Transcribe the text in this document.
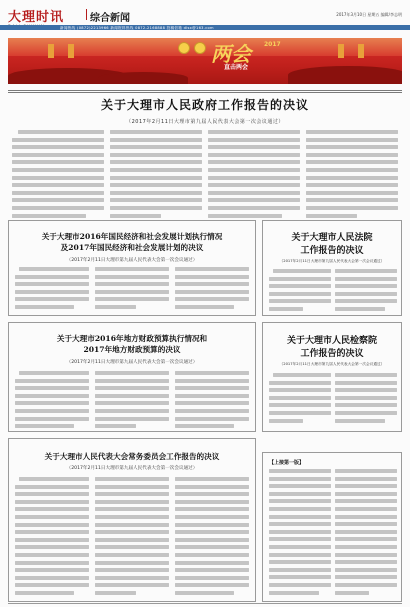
大理时讯	综合新闻	2017年3月10日 星期五 编辑/李志明
新闻热线 (0872)2213966 新闻报料热线 0872-2168888 投稿信箱 dlsx@163.com
两会 2017
直击两会
关于大理市人民政府工作报告的决议
（2017年2月11日大理市第九届人民代表大会第一次会议通过）
关于大理市2016年国民经济和社会发展计划执行情况
及2017年国民经济和社会发展计划的决议
（2017年2月11日大理市第九届人民代表大会第一次会议通过）
关于大理市人民法院
工作报告的决议
（2017年2月11日大理市第九届人民代表大会第一次会议通过）
关于大理市2016年地方财政预算执行情况和
2017年地方财政预算的决议
（2017年2月11日大理市第九届人民代表大会第一次会议通过）
关于大理市人民检察院
工作报告的决议
（2017年2月11日大理市第九届人民代表大会第一次会议通过）
关于大理市人民代表大会常务委员会工作报告的决议
（2017年2月11日大理市第九届人民代表大会第一次会议通过）
【上接第一版】
